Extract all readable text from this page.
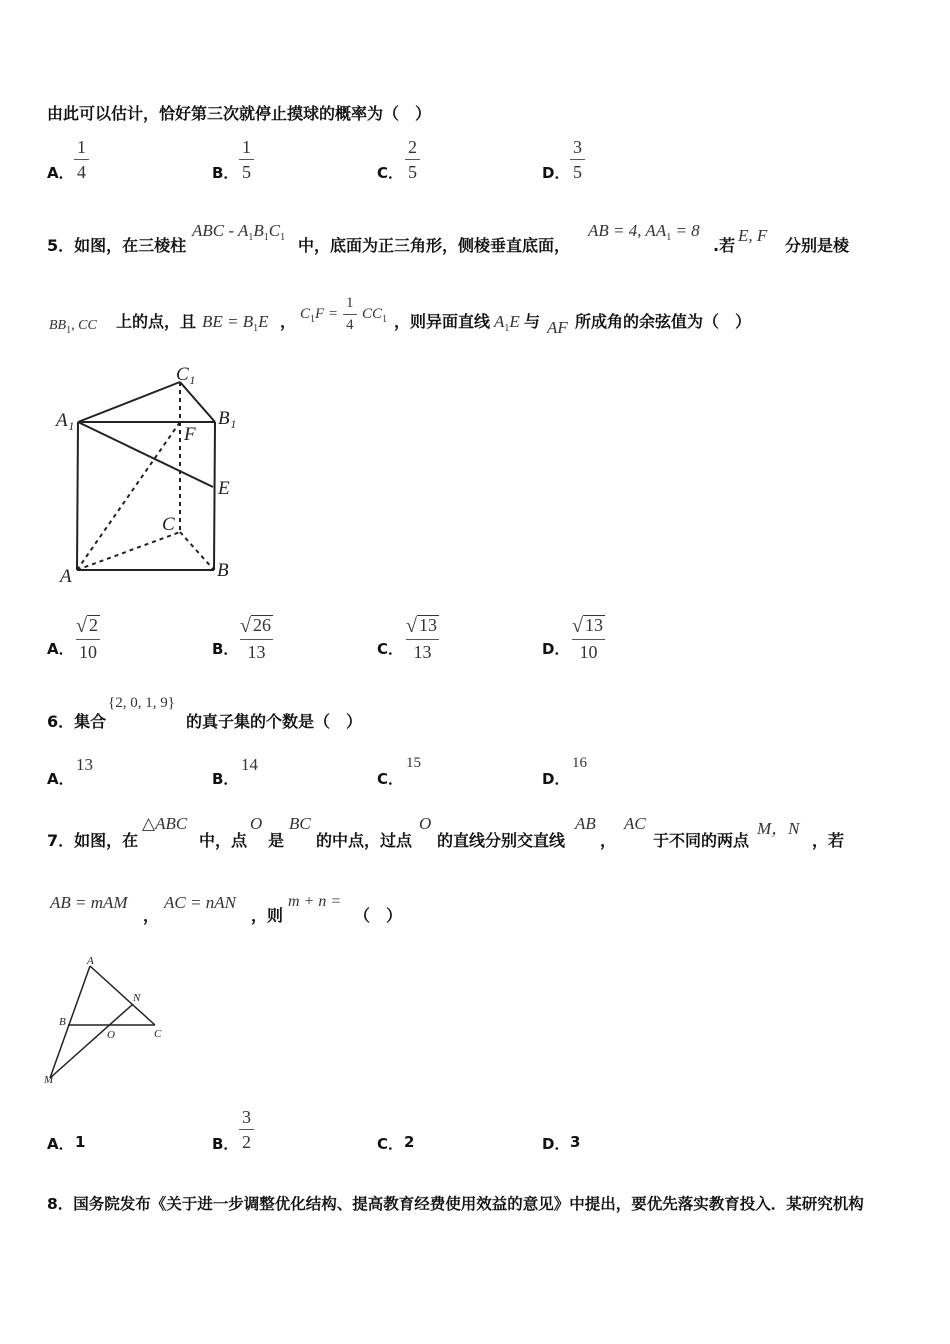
由此可以估计，恰好第三次就停止摸球的概率为（　）
A．
1
4	B．
1
5	C．
2
5	D．
3
5
5．如图，在三棱柱
ABC - $A_1B_1C_1$ 中，底面为正三角形，侧棱垂直底面，
AB = 4, $AA_1 = 8$
.若
E, F
分别是棱
$BB_1$, CC 上的点，且 BE = $B_1E$ ， $C_1F$ =
1
4
$CC_1$ ，则异面直线 $A_1E$ 与 AF 所成角的余弦值为（　）
C₁
A₁	B₁
F
E
C
A	B
A．
√ 2
10	B．
√ 26
13	C．
√ 13
13	D．
√ 13
10
6．集合
{2, 0, 1, 9}
的真子集的个数是（　）
A．
13
B．
14
C．
15
D．
16
7．如图，在
△ABC
中，点
O
是
BC
的中点，过点
O
的直线分别交直线
AB
，
AC
于不同的两点
M，N
，若
AB = mAM
，
AC = nAN
，则
m + n =
（　）
A
N
B
O	C
M
A． 1	B．
3
2	C． 2	D． 3
8．国务院发布《关于进一步调整优化结构、提高教育经费使用效益的意见》中提出，要优先落实教育投入．某研究机构
